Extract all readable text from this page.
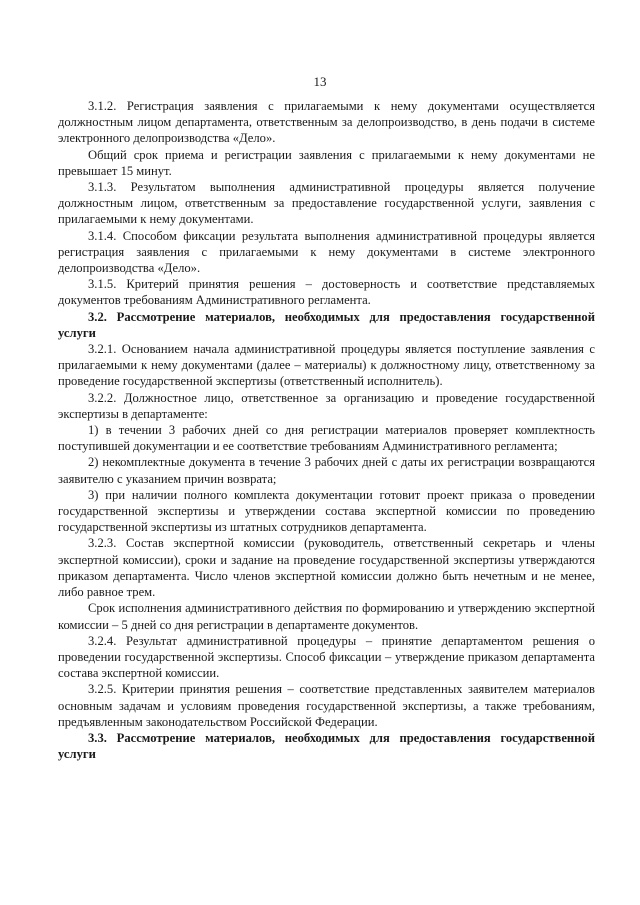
13

3.1.2. Регистрация заявления с прилагаемыми к нему документами осуществляется должностным лицом департамента, ответственным за делопроизводство, в день подачи в системе электронного делопроизводства «Дело».

Общий срок приема и регистрации заявления с прилагаемыми к нему документами не превышает 15 минут.

3.1.3. Результатом выполнения административной процедуры является получение должностным лицом, ответственным за предоставление государственной услуги, заявления с прилагаемыми к нему документами.

3.1.4. Способом фиксации результата выполнения административной процедуры является регистрация заявления с прилагаемыми к нему документами в системе электронного делопроизводства «Дело».

3.1.5. Критерий принятия решения – достоверность и соответствие представляемых документов требованиям Административного регламента.

3.2. Рассмотрение материалов, необходимых для предоставления государственной услуги

3.2.1. Основанием начала административной процедуры является поступление заявления с прилагаемыми к нему документами (далее – материалы) к должностному лицу, ответственному за проведение государственной экспертизы (ответственный исполнитель).

3.2.2. Должностное лицо, ответственное за организацию и проведение государственной экспертизы в департаменте:

1) в течении 3 рабочих дней со дня регистрации материалов проверяет комплектность поступившей документации и ее соответствие требованиям Административного регламента;

2) некомплектные документа в течение 3 рабочих дней с даты их регистрации возвращаются заявителю с указанием причин возврата;

3) при наличии полного комплекта документации готовит проект приказа о проведении государственной экспертизы и утверждении состава экспертной комиссии по проведению государственной экспертизы из штатных сотрудников департамента.

3.2.3. Состав экспертной комиссии (руководитель, ответственный секретарь и члены экспертной комиссии), сроки и задание на проведение государственной экспертизы утверждаются приказом департамента. Число членов экспертной комиссии должно быть нечетным и не менее, либо равное трем.

Срок исполнения административного действия по формированию и утверждению экспертной комиссии – 5 дней со дня регистрации в департаменте документов.

3.2.4. Результат административной процедуры – принятие департаментом решения о проведении государственной экспертизы. Способ фиксации – утверждение приказом департамента состава экспертной комиссии.

3.2.5. Критерии принятия решения – соответствие представленных заявителем материалов основным задачам и условиям проведения государственной экспертизы, а также требованиям, предъявленным законодательством Российской Федерации.

3.3. Рассмотрение материалов, необходимых для предоставления государственной услуги
